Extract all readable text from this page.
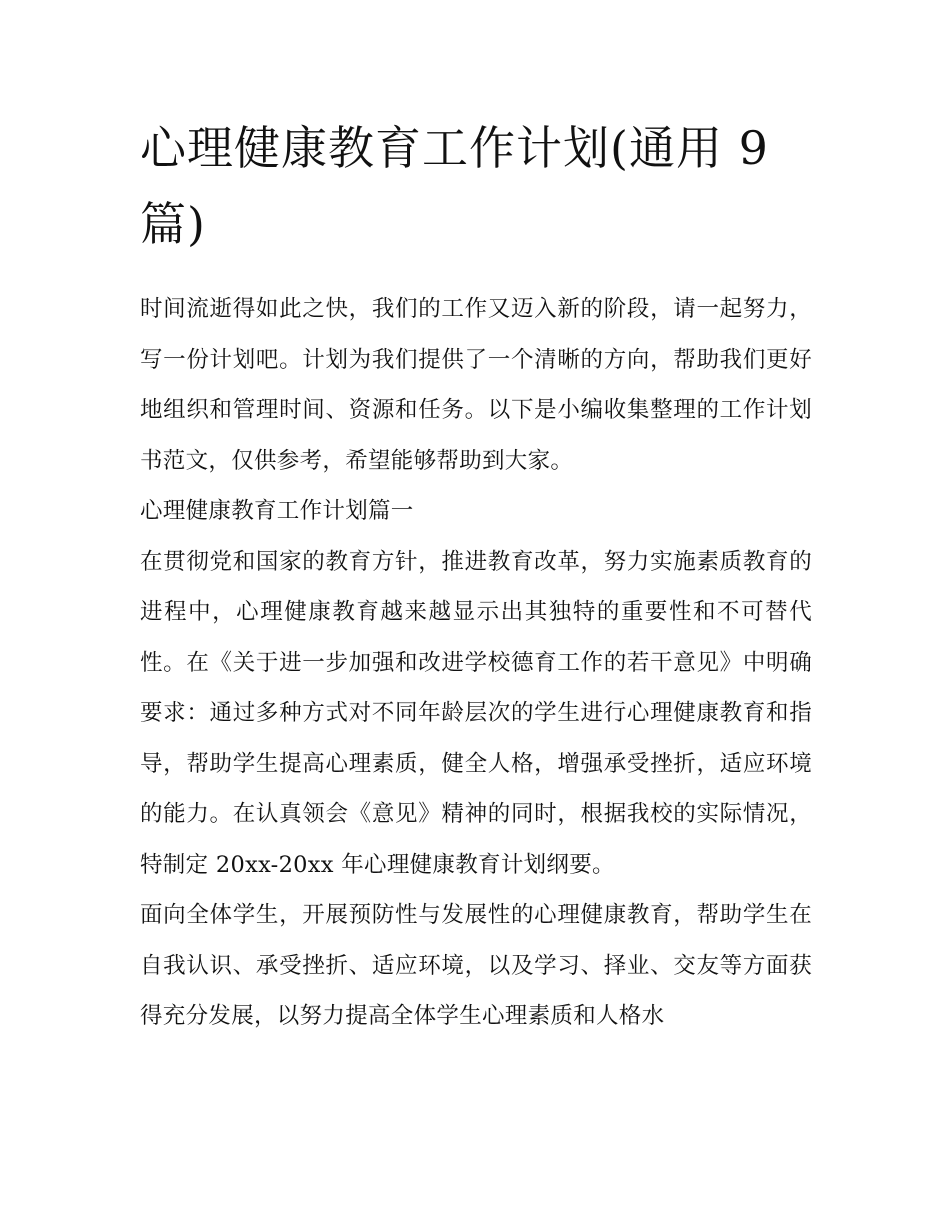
心理健康教育工作计划(通用 9 篇)

时间流逝得如此之快，我们的工作又迈入新的阶段，请一起努力，写一份计划吧。计划为我们提供了一个清晰的方向，帮助我们更好地组织和管理时间、资源和任务。以下是小编收集整理的工作计划书范文，仅供参考，希望能够帮助到大家。

心理健康教育工作计划篇一

在贯彻党和国家的教育方针，推进教育改革，努力实施素质教育的进程中，心理健康教育越来越显示出其独特的重要性和不可替代性。在《关于进一步加强和改进学校德育工作的若干意见》中明确要求：通过多种方式对不同年龄层次的学生进行心理健康教育和指导，帮助学生提高心理素质，健全人格，增强承受挫折，适应环境的能力。在认真领会《意见》精神的同时，根据我校的实际情况，特制定 20xx-20xx 年心理健康教育计划纲要。

面向全体学生，开展预防性与发展性的心理健康教育，帮助学生在自我认识、承受挫折、适应环境，以及学习、择业、交友等方面获得充分发展，以努力提高全体学生心理素质和人格水
